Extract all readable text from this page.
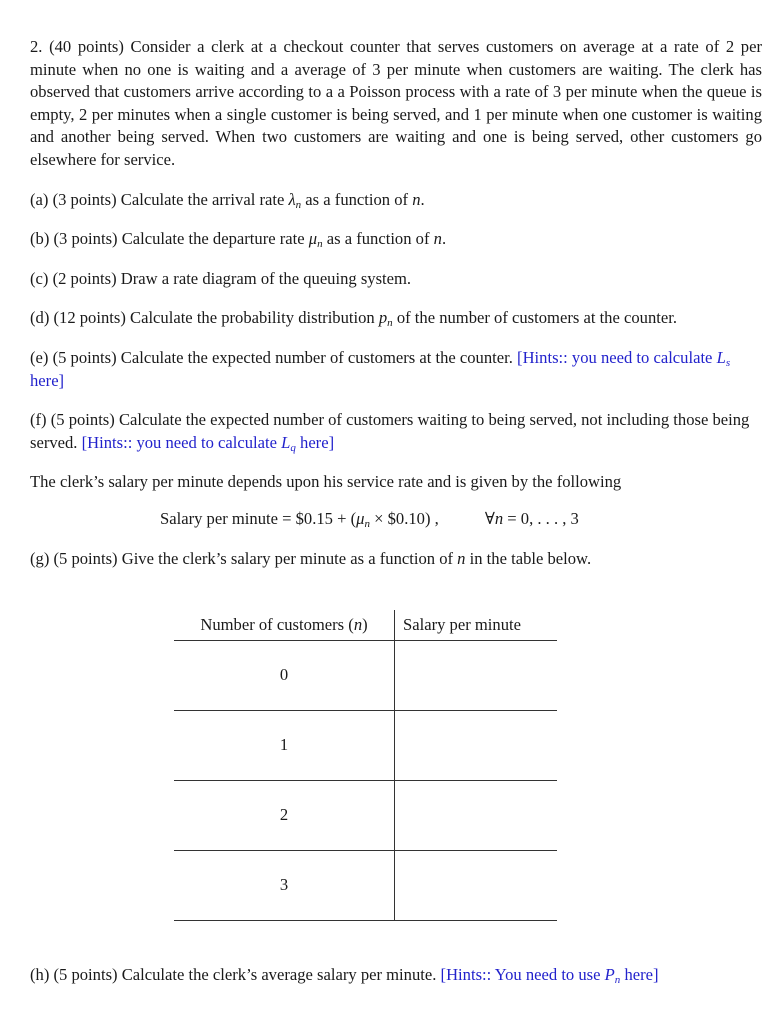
2. (40 points) Consider a clerk at a checkout counter that serves customers on average at a rate of 2 per minute when no one is waiting and a average of 3 per minute when customers are waiting. The clerk has observed that customers arrive according to a a Poisson process with a rate of 3 per minute when the queue is empty, 2 per minutes when a single customer is being served, and 1 per minute when one customer is waiting and another being served. When two customers are waiting and one is being served, other customers go elsewhere for service.

(a) (3 points) Calculate the arrival rate $\lambda_n$ as a function of n.

(b) (3 points) Calculate the departure rate $\mu_n$ as a function of n.

(c) (2 points) Draw a rate diagram of the queuing system.

(d) (12 points) Calculate the probability distribution $p_n$ of the number of customers at the counter.

(e) (5 points) Calculate the expected number of customers at the counter. [Hints:: you need to calculate $L_s$ here]

(f) (5 points) Calculate the expected number of customers waiting to being served, not including those being served. [Hints:: you need to calculate $L_q$ here]

The clerk’s salary per minute depends upon his service rate and is given by the following

Salary per minute = $0.15 + ($\mu_n$ × $0.10) ,	∀n = 0, . . . , 3

(g) (5 points) Give the clerk’s salary per minute as a function of n in the table below.

Number of customers (n)	Salary per minute
0	
1	
2	
3	

(h) (5 points) Calculate the clerk’s average salary per minute. [Hints:: You need to use $P_n$ here]
